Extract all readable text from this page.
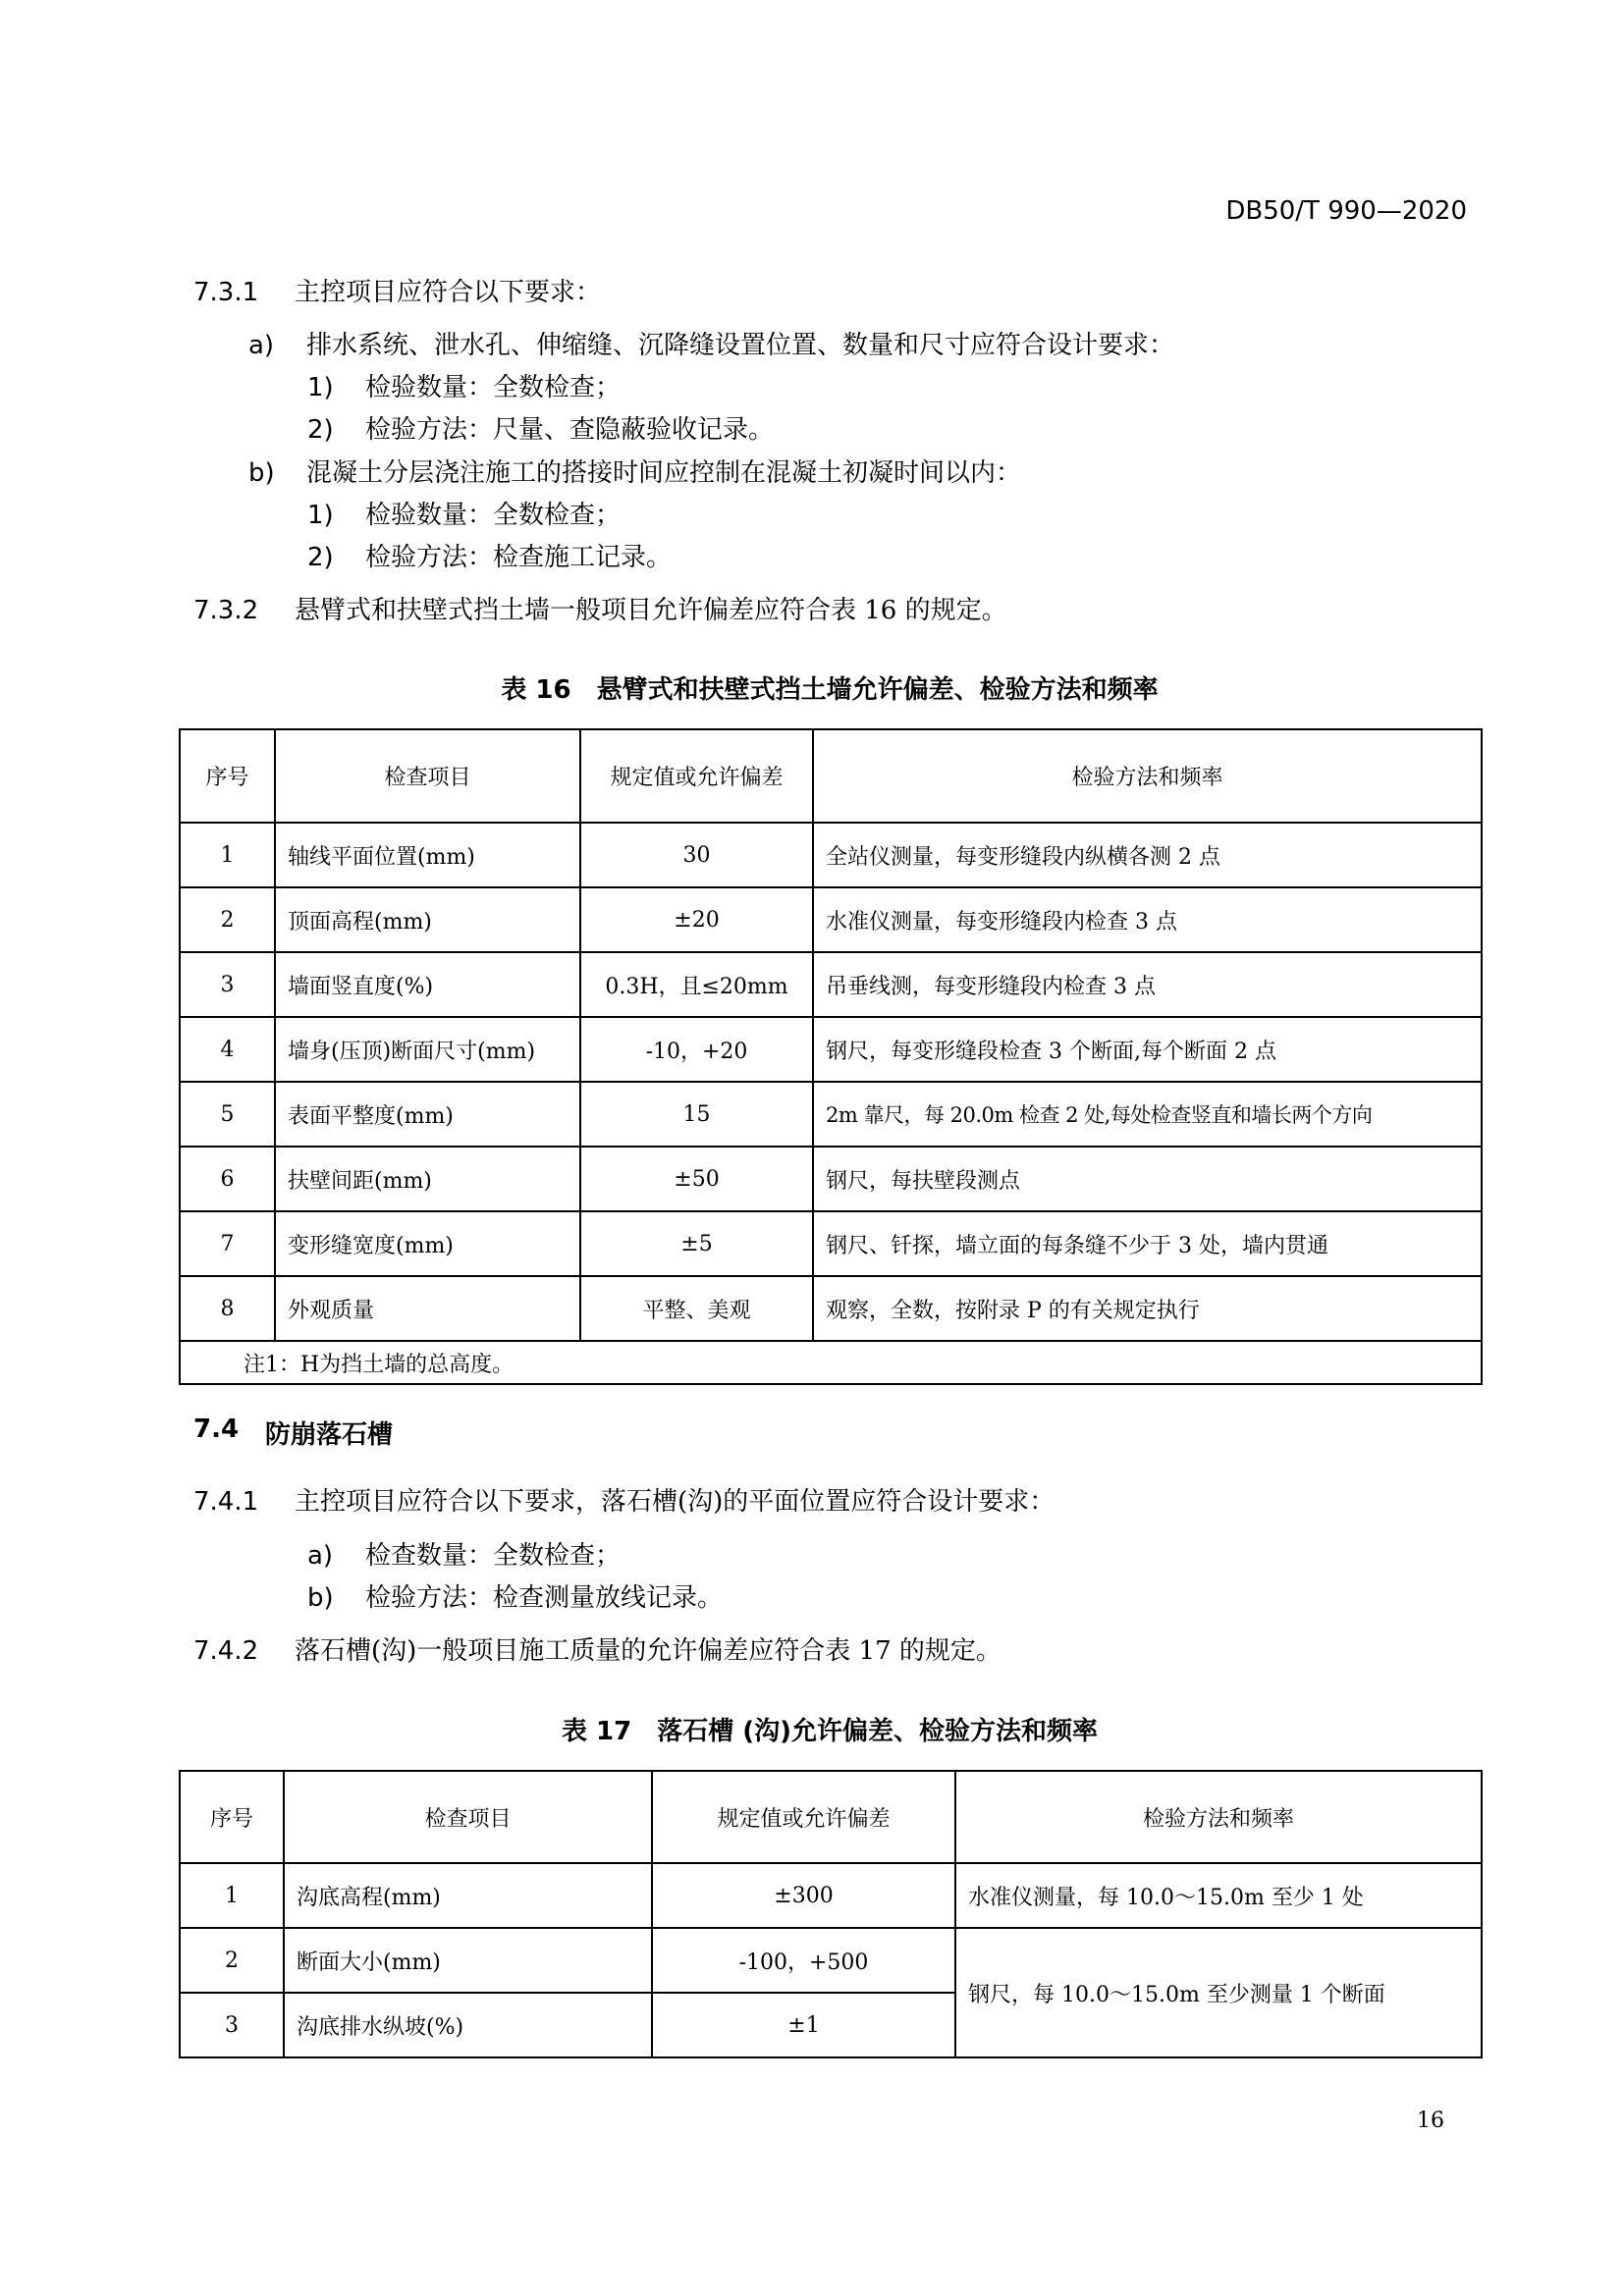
DB50/T 990—2020
7.3.1 主控项目应符合以下要求：
a) 排水系统、泄水孔、伸缩缝、沉降缝设置位置、数量和尺寸应符合设计要求：
1) 检验数量：全数检查；
2) 检验方法：尺量、查隐蔽验收记录。
b) 混凝土分层浇注施工的搭接时间应控制在混凝土初凝时间以内：
1) 检验数量：全数检查；
2) 检验方法：检查施工记录。
7.3.2 悬臂式和扶壁式挡土墙一般项目允许偏差应符合表 16 的规定。
表 16　悬臂式和扶壁式挡土墙允许偏差、检验方法和频率
序号	检查项目	规定值或允许偏差	检验方法和频率
1	轴线平面位置(mm)	30	全站仪测量，每变形缝段内纵横各测 2 点
2	顶面高程(mm)	±20	水准仪测量，每变形缝段内检查 3 点
3	墙面竖直度(%)	0.3H，且≤20mm	吊垂线测，每变形缝段内检查 3 点
4	墙身(压顶)断面尺寸(mm)	-10，+20	钢尺，每变形缝段检查 3 个断面,每个断面 2 点
5	表面平整度(mm)	15	2m 靠尺，每 20.0m 检查 2 处,每处检查竖直和墙长两个方向
6	扶壁间距(mm)	±50	钢尺，每扶壁段测点
7	变形缝宽度(mm)	±5	钢尺、钎探，墙立面的每条缝不少于 3 处，墙内贯通
8	外观质量	平整、美观	观察，全数，按附录 P 的有关规定执行
注1：H为挡土墙的总高度。			
7.4 防崩落石槽
7.4.1 主控项目应符合以下要求，落石槽(沟)的平面位置应符合设计要求：
a) 检查数量：全数检查；
b) 检验方法：检查测量放线记录。
7.4.2 落石槽(沟)一般项目施工质量的允许偏差应符合表 17 的规定。
表 17　落石槽 (沟)允许偏差、检验方法和频率
序号	检查项目	规定值或允许偏差	检验方法和频率
1	沟底高程(mm)	±300	水准仪测量，每 10.0～15.0m 至少 1 处
2	断面大小(mm)	-100，+500	钢尺，每 10.0～15.0m 至少测量 1 个断面
3	沟底排水纵坡(%)	±1	
16
